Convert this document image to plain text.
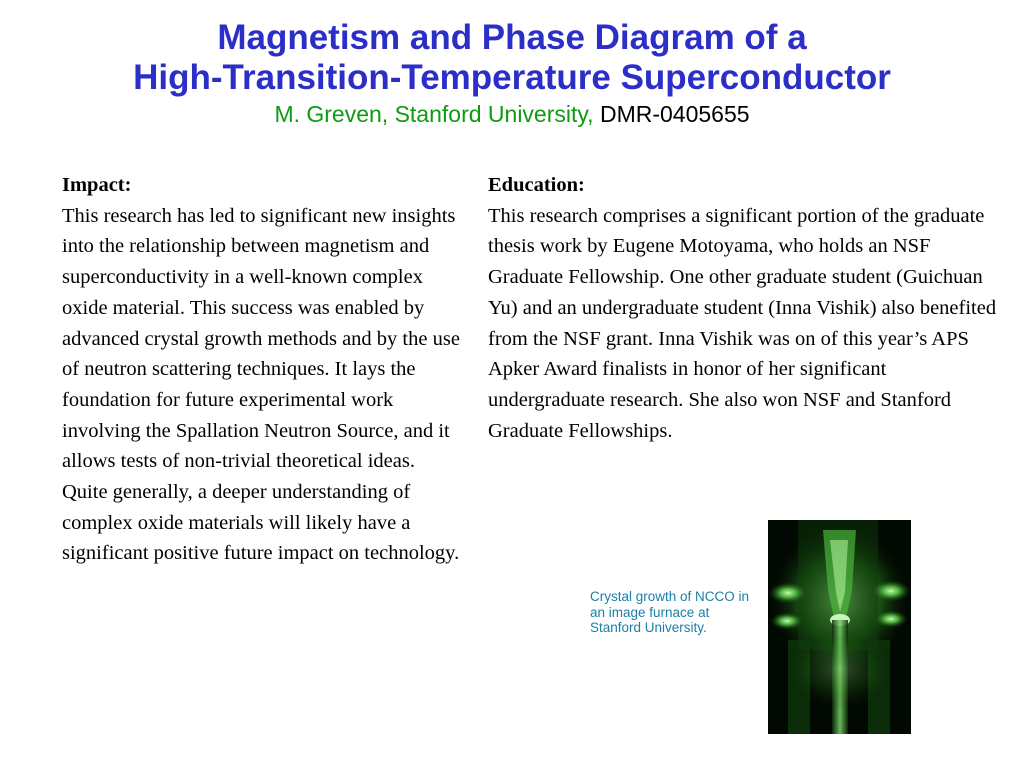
Magnetism and Phase Diagram of a
High-Transition-Temperature Superconductor
M. Greven, Stanford University, DMR-0405655
Impact:
This research has led to significant new insights into the relationship between magnetism and superconductivity in a well-known complex oxide material. This success was enabled by advanced crystal growth methods and by the use of neutron scattering techniques. It lays the foundation for future experimental work involving the Spallation Neutron Source, and it allows tests of non-trivial theoretical ideas. Quite generally, a deeper understanding of complex oxide materials will likely have a significant positive future impact on technology.
Education:
This research comprises a significant portion of the graduate thesis work by Eugene Motoyama, who holds an NSF Graduate Fellowship. One other graduate student (Guichuan Yu) and an undergraduate student (Inna Vishik) also benefited from the NSF grant. Inna Vishik was on of this year’s APS Apker Award finalists in honor of her significant undergraduate research. She also won NSF and Stanford Graduate Fellowships.
Crystal growth of NCCO in an image furnace at Stanford University.
